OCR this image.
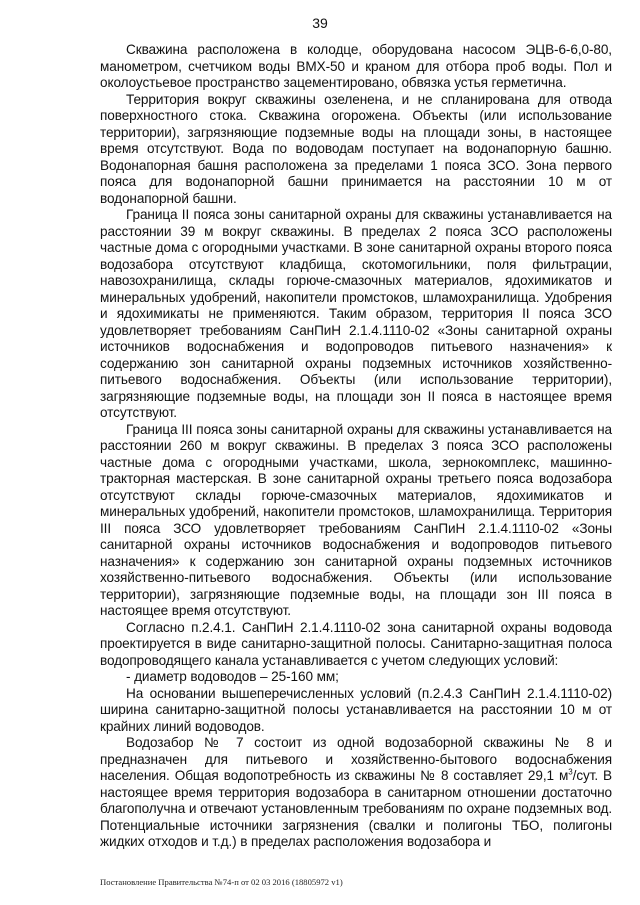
39

Скважина расположена в колодце, оборудована насосом ЭЦВ-6-6,0-80, манометром, счетчиком воды ВМХ-50 и краном для отбора проб воды. Пол и околоустьевое пространство зацементировано, обвязка устья герметична.

Территория вокруг скважины озеленена, и не спланирована для отвода поверхностного стока. Скважина огорожена. Объекты (или использование территории), загрязняющие подземные воды на площади зоны, в настоящее время отсутствуют. Вода по водоводам поступает на водонапорную башню. Водонапорная башня расположена за пределами 1 пояса ЗСО. Зона первого пояса для водонапорной башни принимается на расстоянии 10 м от водонапорной башни.

Граница II пояса зоны санитарной охраны для скважины устанавливается на расстоянии 39 м вокруг скважины. В пределах 2 пояса ЗСО расположены частные дома с огородными участками. В зоне санитарной охраны второго пояса водозабора отсутствуют кладбища, скотомогильники, поля фильтрации, навозохранилища, склады горюче-смазочных материалов, ядохимикатов и минеральных удобрений, накопители промстоков, шламохранилища. Удобрения и ядохимикаты не применяются. Таким образом, территория II пояса ЗСО удовлетворяет требованиям СанПиН 2.1.4.1110-02 «Зоны санитарной охраны источников водоснабжения и водопроводов питьевого назначения» к содержанию зон санитарной охраны подземных источников хозяйственно-питьевого водоснабжения. Объекты (или использование территории), загрязняющие подземные воды, на площади зон II пояса в настоящее время отсутствуют.

Граница III пояса зоны санитарной охраны для скважины устанавливается на расстоянии 260 м вокруг скважины. В пределах 3 пояса ЗСО расположены частные дома с огородными участками, школа, зернокомплекс, машинно-тракторная мастерская. В зоне санитарной охраны третьего пояса водозабора отсутствуют склады горюче-смазочных материалов, ядохимикатов и минеральных удобрений, накопители промстоков, шламохранилища. Территория III пояса ЗСО удовлетворяет требованиям СанПиН 2.1.4.1110-02 «Зоны санитарной охраны источников водоснабжения и водопроводов питьевого назначения» к содержанию зон санитарной охраны подземных источников хозяйственно-питьевого водоснабжения. Объекты (или использование территории), загрязняющие подземные воды, на площади зон III пояса в настоящее время отсутствуют.

Согласно п.2.4.1. СанПиН 2.1.4.1110-02 зона санитарной охраны водовода проектируется в виде санитарно-защитной полосы. Санитарно-защитная полоса водопроводящего канала устанавливается с учетом следующих условий:

- диаметр водоводов – 25-160 мм;

На основании вышеперечисленных условий (п.2.4.3 СанПиН 2.1.4.1110-02) ширина санитарно-защитной полосы устанавливается на расстоянии 10 м от крайних линий водоводов.

Водозабор № 7 состоит из одной водозаборной скважины № 8 и предназначен для питьевого и хозяйственно-бытового водоснабжения населения. Общая водопотребность из скважины № 8 составляет 29,1 $м^3$/сут. В настоящее время территория водозабора в санитарном отношении достаточно благополучна и отвечают установленным требованиям по охране подземных вод. Потенциальные источники загрязнения (свалки и полигоны ТБО, полигоны жидких отходов и т.д.) в пределах расположения водозабора и

Постановление Правительства №74-п от 02 03 2016 (18805972 v1)
